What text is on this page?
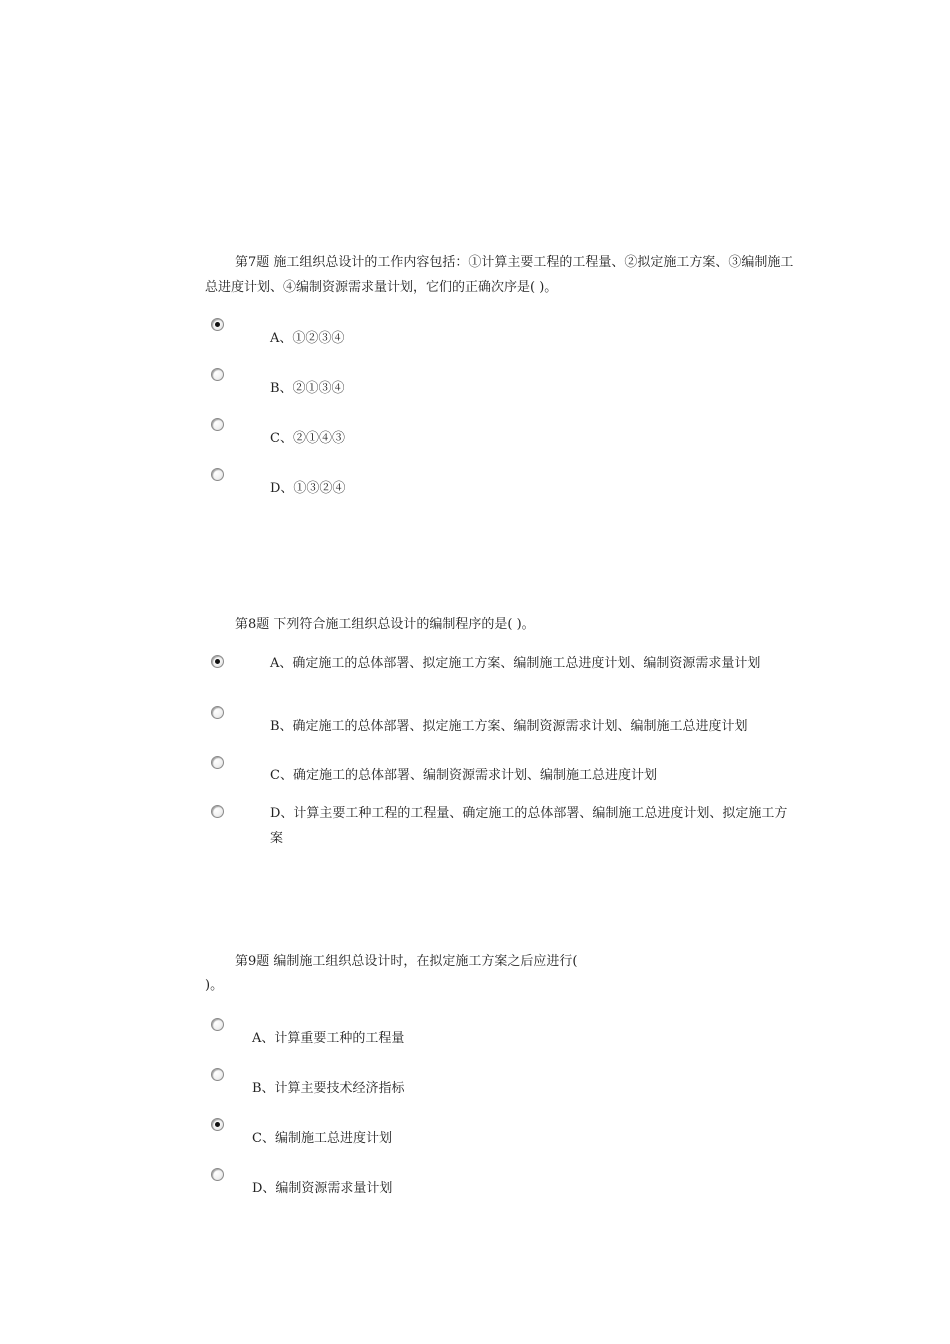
第7题 施工组织总设计的工作内容包括：①计算主要工程的工程量、②拟定施工方案、③编制施工总进度计划、④编制资源需求量计划，它们的正确次序是( )。
A、①②③④
B、②①③④
C、②①④③
D、①③②④
第8题 下列符合施工组织总设计的编制程序的是( )。
A、确定施工的总体部署、拟定施工方案、编制施工总进度计划、编制资源需求量计划
B、确定施工的总体部署、拟定施工方案、编制资源需求计划、编制施工总进度计划
C、确定施工的总体部署、编制资源需求计划、编制施工总进度计划
D、计算主要工种工程的工程量、确定施工的总体部署、编制施工总进度计划、拟定施工方案
第9题 编制施工组织总设计时，在拟定施工方案之后应进行(
)。
A、计算重要工种的工程量
B、计算主要技术经济指标
C、编制施工总进度计划
D、编制资源需求量计划
